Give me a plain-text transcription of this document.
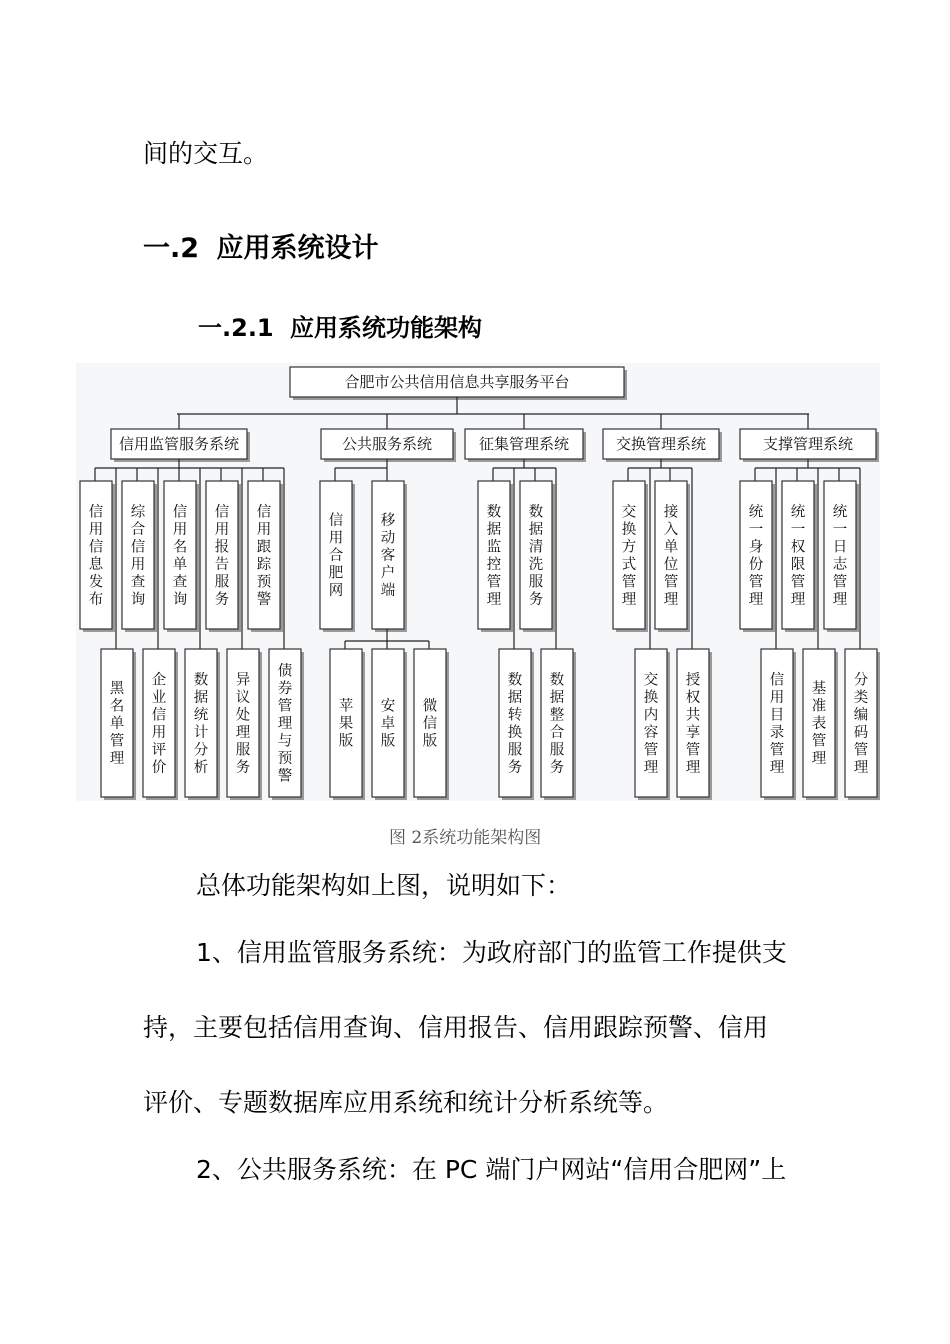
间的交互。
一.2 应用系统设计
一.2.1 应用系统功能架构
合肥市公共信用信息共享服务平台
信用监管服务系统
信用信息发布
综合信用查询
信用名单查询
信用报告服务
信用跟踪预警
黑名单管理
企业信用评价
数据统计分析
异议处理服务
债券管理与预警
公共服务系统
信用合肥网
移动客户端
苹果版
安卓版
微信版
征集管理系统
数据监控管理
数据清洗服务
数据转换服务
数据整合服务
交换管理系统
交换方式管理
接入单位管理
交换内容管理
授权共享管理
支撑管理系统
统一身份管理
统一权限管理
统一日志管理
信用目录管理
基准表管理
分类编码管理
图 2系统功能架构图
总体功能架构如上图，说明如下：
1、信用监管服务系统：为政府部门的监管工作提供支
持，主要包括信用查询、信用报告、信用跟踪预警、信用
评价、专题数据库应用系统和统计分析系统等。
2、公共服务系统：在 PC 端门户网站“信用合肥网”上
